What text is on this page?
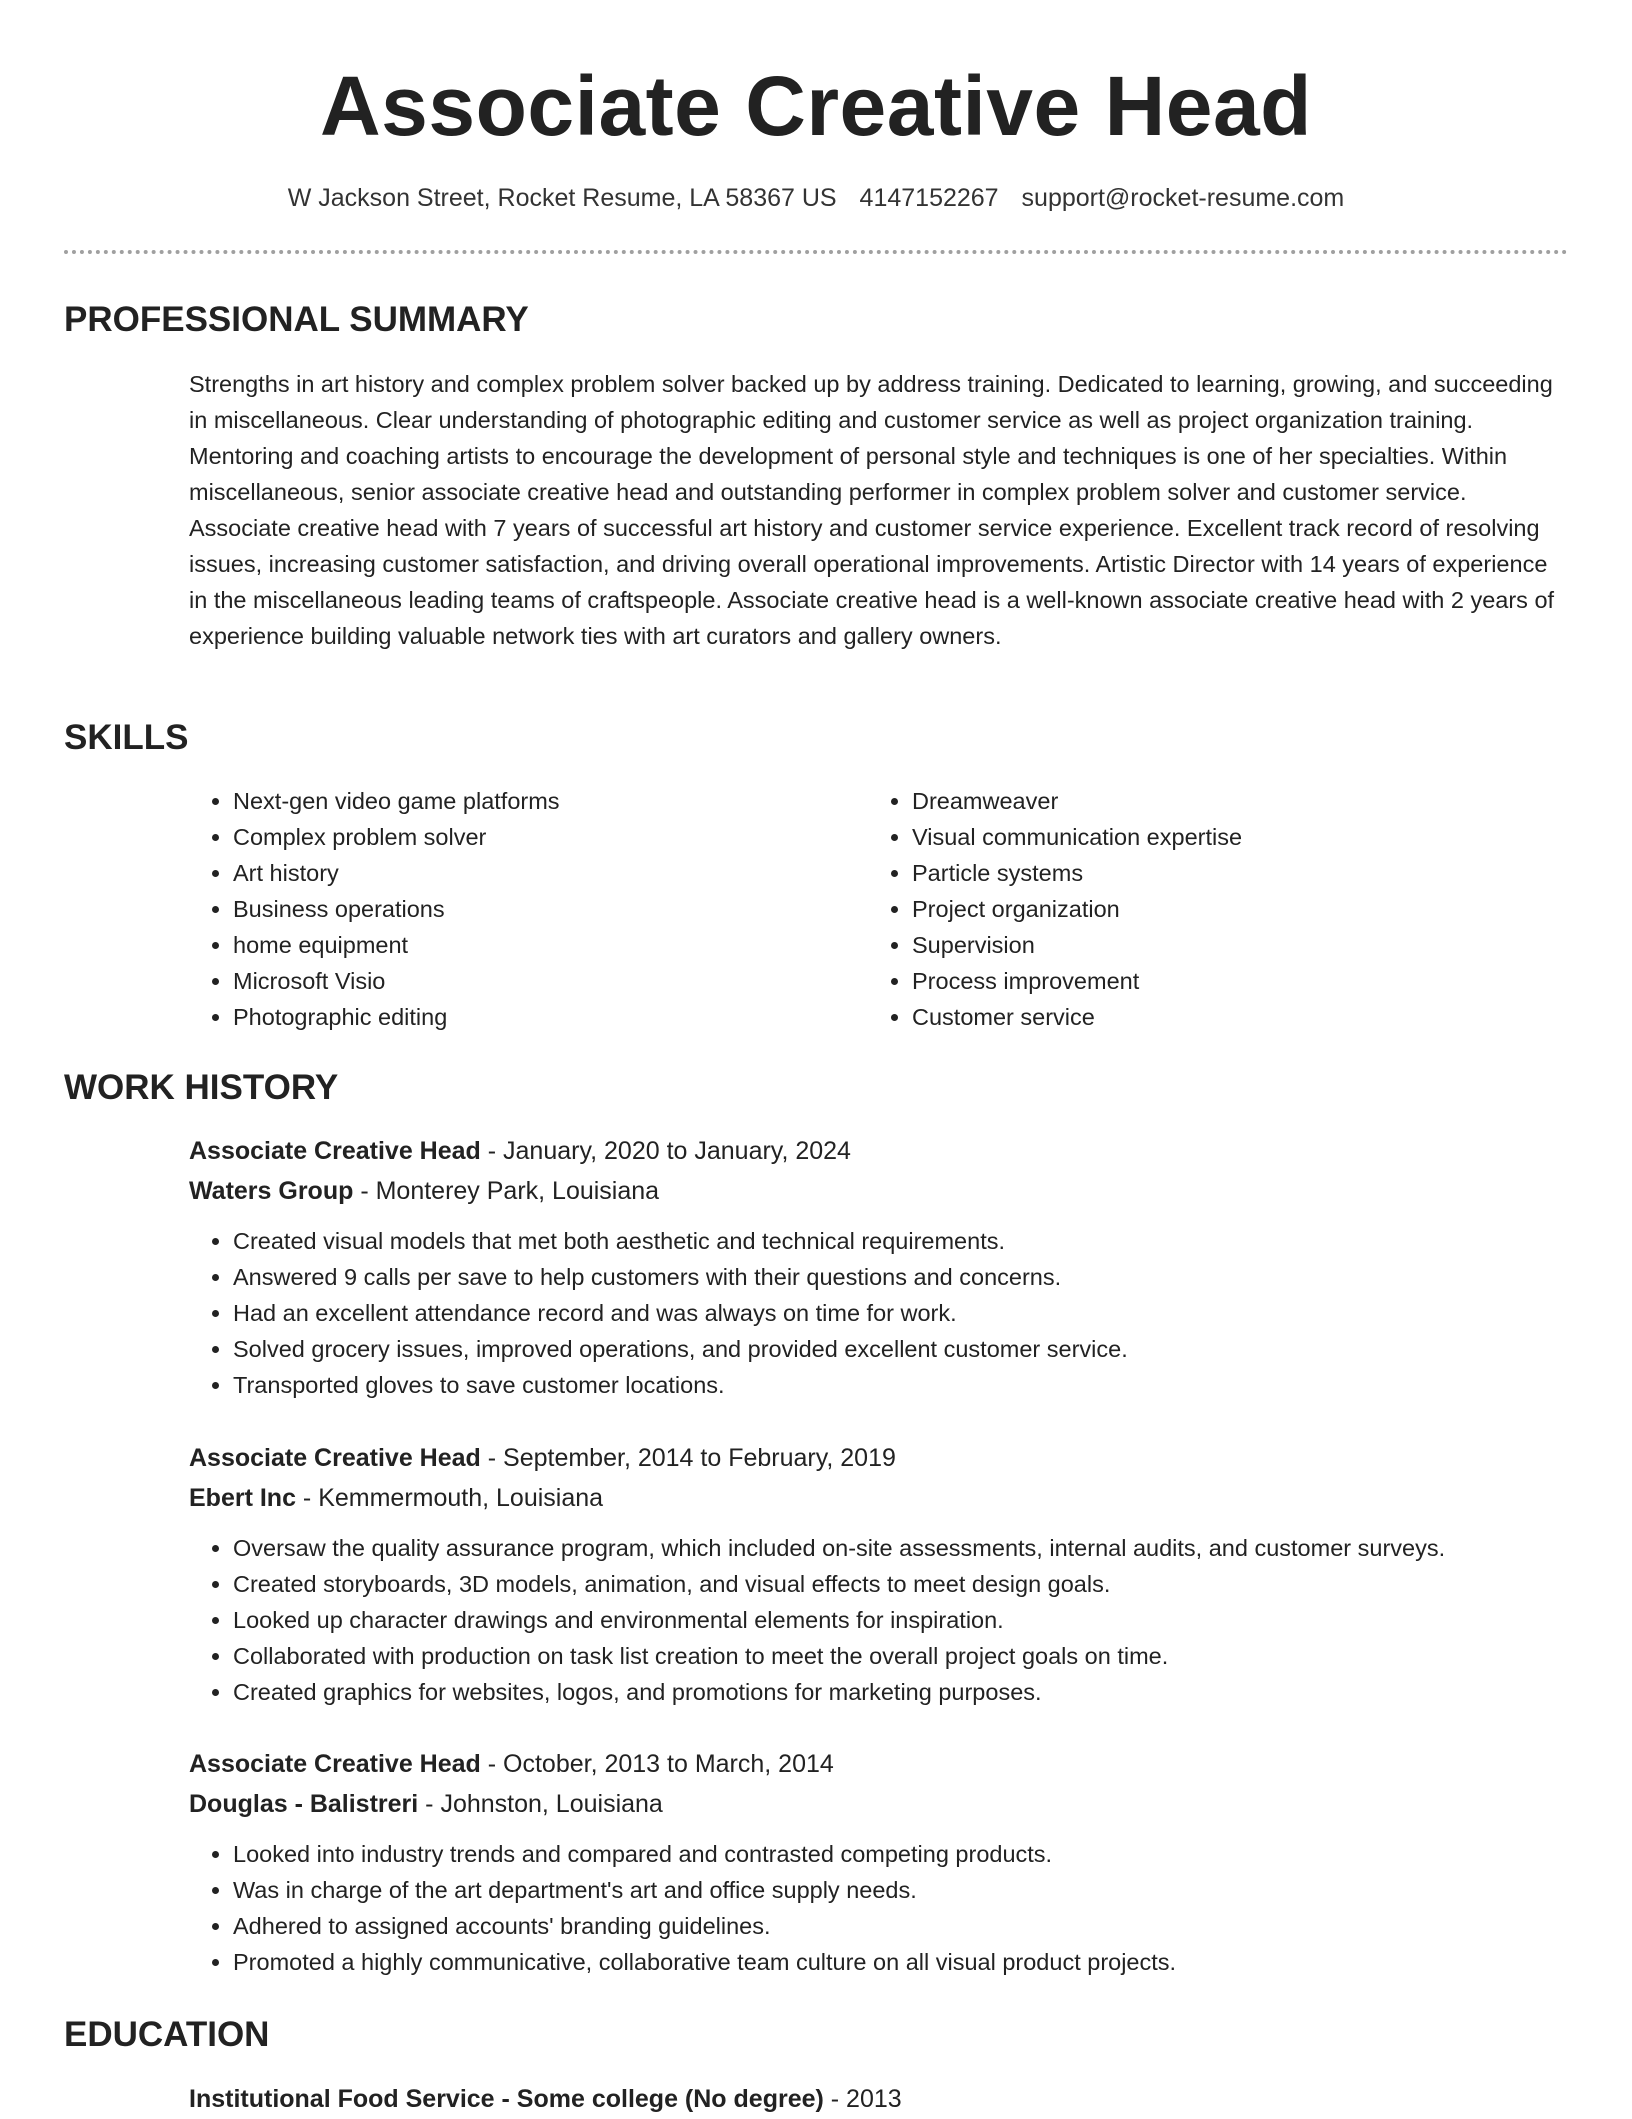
Associate Creative Head
W Jackson Street, Rocket Resume, LA 58367 US 4147152267 support@rocket-resume.com
PROFESSIONAL SUMMARY

Strengths in art history and complex problem solver backed up by address training. Dedicated to learning, growing, and succeeding in miscellaneous. Clear understanding of photographic editing and customer service as well as project organization training. Mentoring and coaching artists to encourage the development of personal style and techniques is one of her specialties. Within miscellaneous, senior associate creative head and outstanding performer in complex problem solver and customer service. Associate creative head with 7 years of successful art history and customer service experience. Excellent track record of resolving issues, increasing customer satisfaction, and driving overall operational improvements. Artistic Director with 14 years of experience in the miscellaneous leading teams of craftspeople. Associate creative head is a well-known associate creative head with 2 years of experience building valuable network ties with art curators and gallery owners.

SKILLS
• Next-gen video game platforms
• Complex problem solver
• Art history
• Business operations
• home equipment
• Microsoft Visio
• Photographic editing
• Dreamweaver
• Visual communication expertise
• Particle systems
• Project organization
• Supervision
• Process improvement
• Customer service
WORK HISTORY
Associate Creative Head - January, 2020 to January, 2024
Waters Group - Monterey Park, Louisiana
• Created visual models that met both aesthetic and technical requirements.
• Answered 9 calls per save to help customers with their questions and concerns.
• Had an excellent attendance record and was always on time for work.
• Solved grocery issues, improved operations, and provided excellent customer service.
• Transported gloves to save customer locations.
Associate Creative Head - September, 2014 to February, 2019
Ebert Inc - Kemmermouth, Louisiana
• Oversaw the quality assurance program, which included on-site assessments, internal audits, and customer surveys.
• Created storyboards, 3D models, animation, and visual effects to meet design goals.
• Looked up character drawings and environmental elements for inspiration.
• Collaborated with production on task list creation to meet the overall project goals on time.
• Created graphics for websites, logos, and promotions for marketing purposes.
Associate Creative Head - October, 2013 to March, 2014
Douglas - Balistreri - Johnston, Louisiana
• Looked into industry trends and compared and contrasted competing products.
• Was in charge of the art department's art and office supply needs.
• Adhered to assigned accounts' branding guidelines.
• Promoted a highly communicative, collaborative team culture on all visual product projects.
EDUCATION
Institutional Food Service - Some college (No degree) - 2013
